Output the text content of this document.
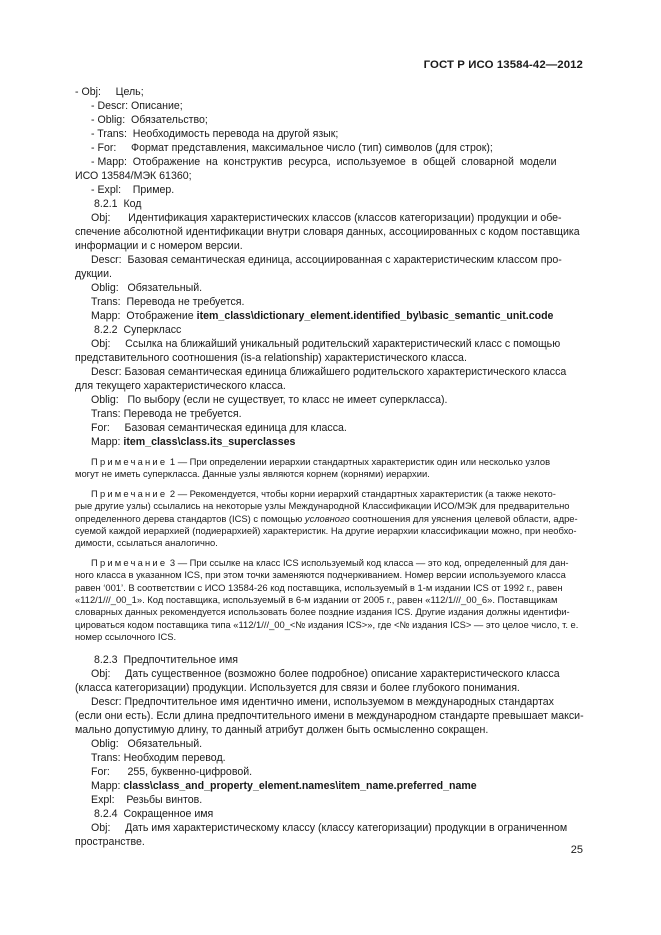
ГОСТ Р ИСО 13584-42—2012
- Obj:     Цель;
- Descr: Описание;
- Oblig:  Обязательство;
- Trans:  Необходимость перевода на другой язык;
- For:     Формат представления, максимальное число (тип) символов (для строк);
- Mapp:  Отображение  на  конструктив  ресурса,  используемое  в  общей  словарной  модели
ИСО 13584/МЭК 61360;
- Expl:    Пример.
8.2.1  Код
Obj:      Идентификация характеристических классов (классов категоризации) продукции и обе-
спечение абсолютной идентификации внутри словаря данных, ассоциированных с кодом поставщика
информации и с номером версии.
Descr:  Базовая семантическая единица, ассоциированная с характеристическим классом про-
дукции.
Oblig:   Обязательный.
Trans:  Перевода не требуется.
Mapp:  Отображение item_class\dictionary_element.identified_by\basic_semantic_unit.code
8.2.2  Суперкласс
Obj:     Ссылка на ближайший уникальный родительский характеристический класс с помощью
представительного соотношения (is-a relationship) характеристического класса.
Descr: Базовая семантическая единица ближайшего родительского характеристического класса
для текущего характеристического класса.
Oblig:   По выбору (если не существует, то класс не имеет суперкласса).
Trans: Перевода не требуется.
For:     Базовая семантическая единица для класса.
Mapp: item_class\class.its_superclasses
Примечание 1 — При определении иерархии стандартных характеристик один или несколько узлов
могут не иметь суперкласса. Данные узлы являются корнем (корнями) иерархии.
Примечание 2 — Рекомендуется, чтобы корни иерархий стандартных характеристик (а также некото-
рые другие узлы) ссылались на некоторые узлы Международной Классификации ИСО/МЭК для предварительно
определенного дерева стандартов (ICS) с помощью условного соотношения для уяснения целевой области, адре-
суемой каждой иерархией (подиерархией) характеристик. На другие иерархии классификации можно, при необхо-
димости, ссылаться аналогично.
Примечание 3 — При ссылке на класс ICS используемый код класса — это код, определенный для дан-
ного класса в указанном ICS, при этом точки заменяются подчеркиванием. Номер версии используемого класса
равен ‘001’. В соответствии с ИСО 13584-26 код поставщика, используемый в 1-м издании ICS от 1992 г., равен
«112/1///_00_1». Код поставщика, используемый в 6-м издании от 2005 г., равен «112/1///_00_6». Поставщикам
словарных данных рекомендуется использовать более поздние издания ICS. Другие издания должны идентифи-
цироваться кодом поставщика типа «112/1///_00_<№ издания ICS>», где <№ издания ICS> — это целое число, т. е.
номер ссылочного ICS.
8.2.3  Предпочтительное имя
Obj:     Дать существенное (возможно более подробное) описание характеристического класса
(класса категоризации) продукции. Используется для связи и более глубокого понимания.
Descr: Предпочтительное имя идентично имени, используемом в международных стандартах
(если они есть). Если длина предпочтительного имени в международном стандарте превышает макси-
мально допустимую длину, то данный атрибут должен быть осмысленно сокращен.
Oblig:   Обязательный.
Trans: Необходим перевод.
For:      255, буквенно-цифровой.
Mapp: class\class_and_property_element.names\item_name.preferred_name
Expl:    Резьбы винтов.
8.2.4  Сокращенное имя
Obj:     Дать имя характеристическому классу (классу категоризации) продукции в ограниченном
пространстве.
25
